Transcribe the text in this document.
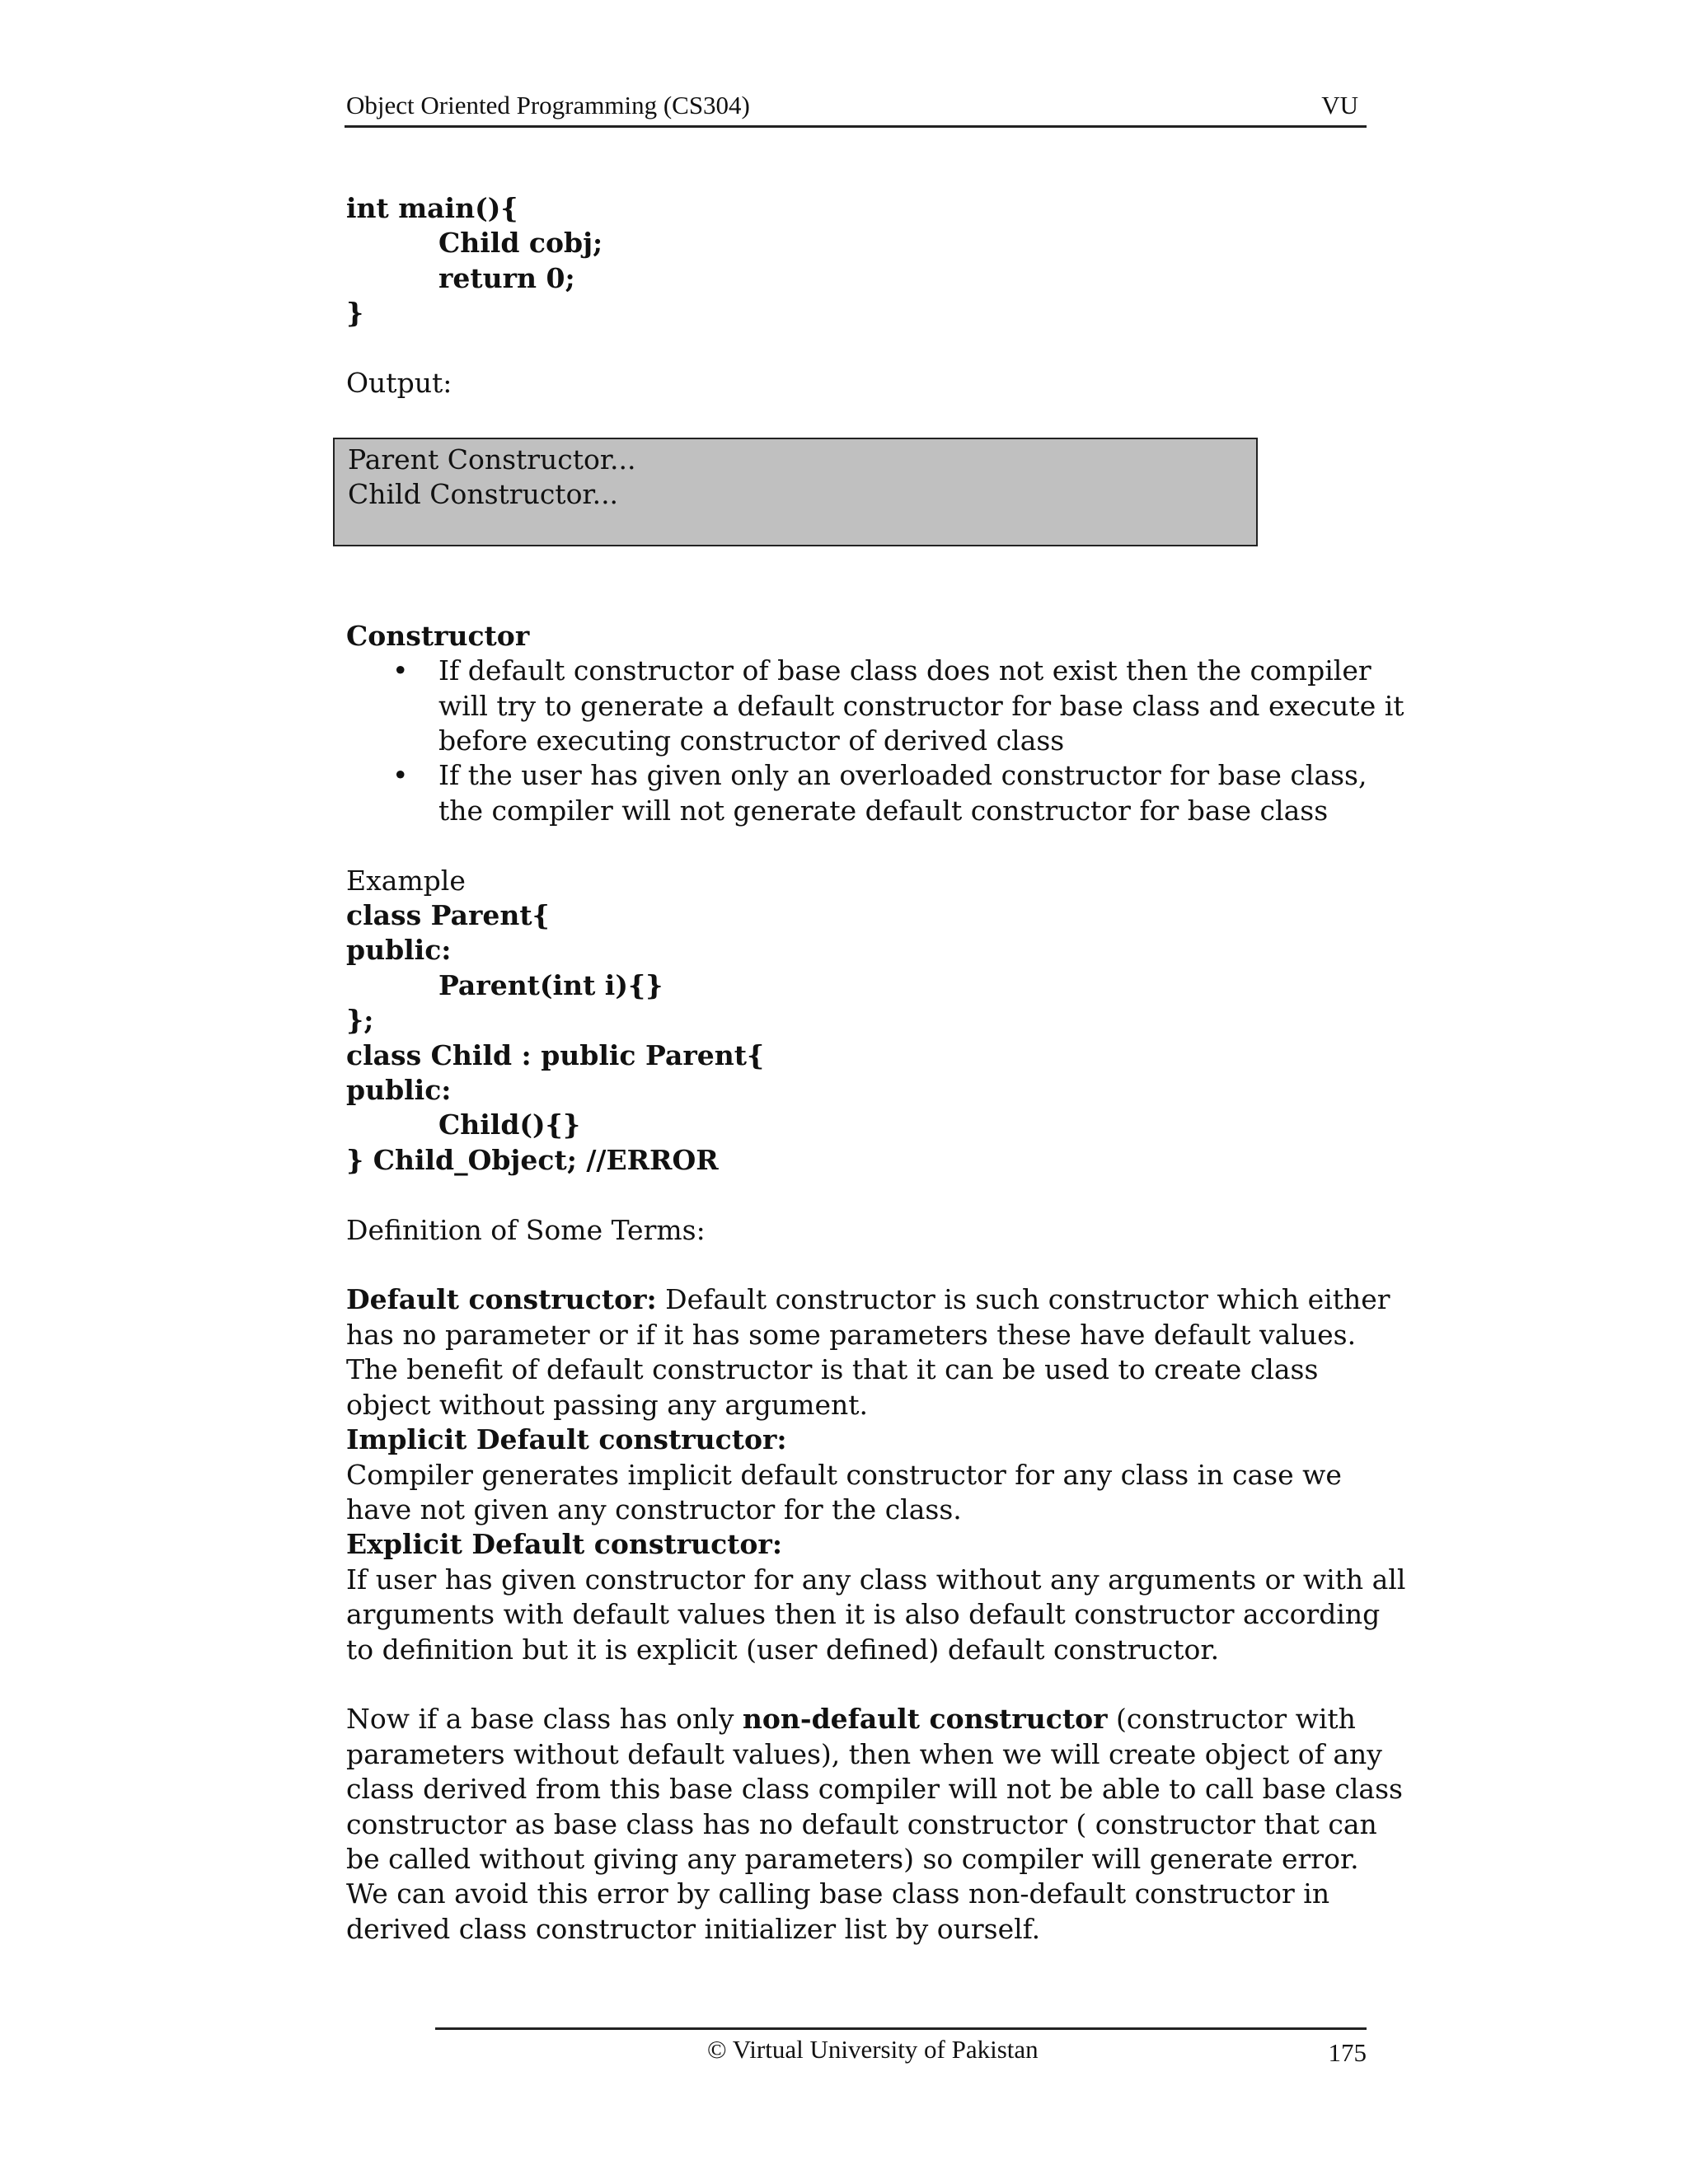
Object Oriented Programming (CS304)	VU
int main(){
Child cobj;
return 0;
}
Output:
Parent Constructor...
Child Constructor...
Constructor
• If default constructor of base class does not exist then the compiler will try to generate a default constructor for base class and execute it before executing constructor of derived class
• If the user has given only an overloaded constructor for base class, the compiler will not generate default constructor for base class
Example
class Parent{
public:
Parent(int i){}
};
class Child : public Parent{
public:
Child(){}
} Child_Object; //ERROR
Definition of Some Terms:
Default constructor: Default constructor is such constructor which either has no parameter or if it has some parameters these have default values. The benefit of default constructor is that it can be used to create class object without passing any argument.
Implicit Default constructor:
Compiler generates implicit default constructor for any class in case we have not given any constructor for the class.
Explicit Default constructor:
If user has given constructor for any class without any arguments or with all arguments with default values then it is also default constructor according to definition but it is explicit (user defined) default constructor.
Now if a base class has only non-default constructor (constructor with parameters without default values), then when we will create object of any class derived from this base class compiler will not be able to call base class constructor as base class has no default constructor ( constructor that can be called without giving any parameters) so compiler will generate error.
We can avoid this error by calling base class non-default constructor in derived class constructor initializer list by ourself.
© Virtual University of Pakistan	175
